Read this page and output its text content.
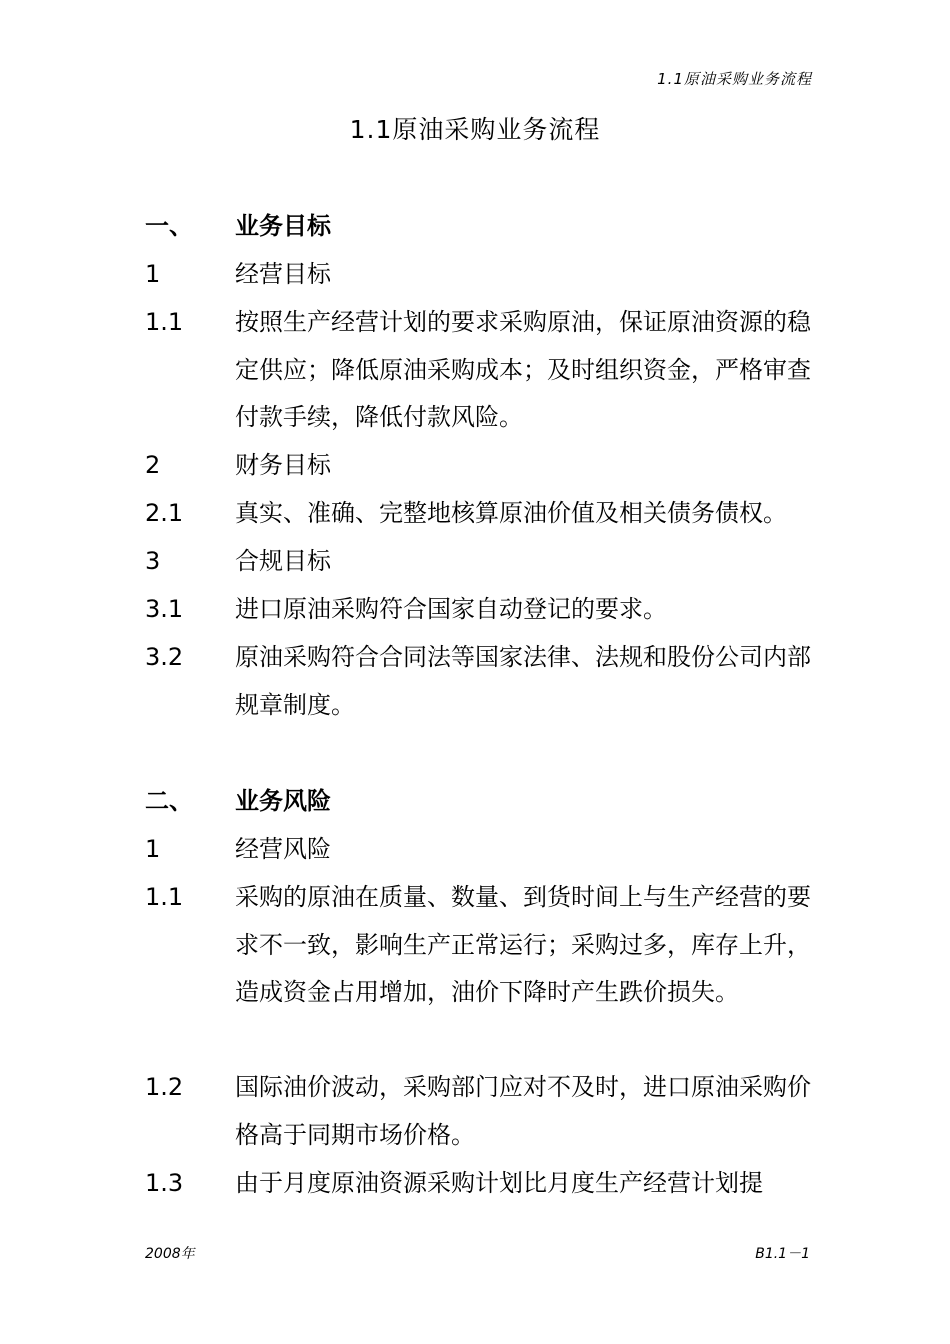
1.1原油采购业务流程
1.1原油采购业务流程
一、	业务目标
1	经营目标
1.1	按照生产经营计划的要求采购原油，保证原油资源的稳定供应；降低原油采购成本；及时组织资金，严格审查付款手续，降低付款风险。
2	财务目标
2.1	真实、准确、完整地核算原油价值及相关债务债权。
3	合规目标
3.1	进口原油采购符合国家自动登记的要求。
3.2	原油采购符合合同法等国家法律、法规和股份公司内部规章制度。
二、	业务风险
1	经营风险
1.1	采购的原油在质量、数量、到货时间上与生产经营的要求不一致，影响生产正常运行；采购过多，库存上升，造成资金占用增加，油价下降时产生跌价损失。
1.2	国际油价波动，采购部门应对不及时，进口原油采购价格高于同期市场价格。
1.3	由于月度原油资源采购计划比月度生产经营计划提
2008年	B1.1－1
